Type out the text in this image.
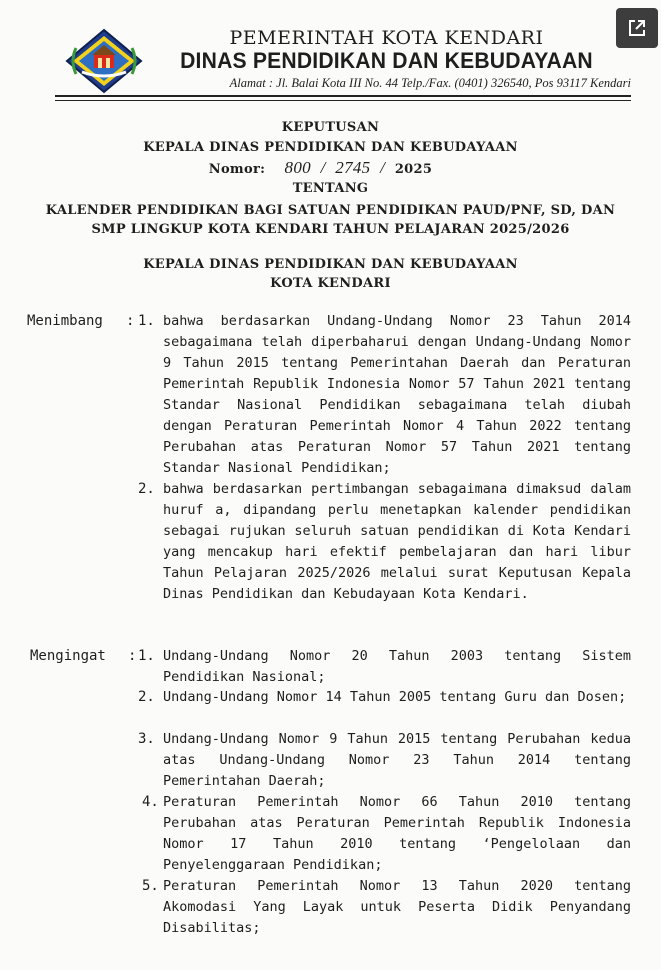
PEMERINTAH KOTA KENDARI
DINAS PENDIDIKAN DAN KEBUDAYAAN
Alamat : Jl. Balai Kota III No. 44 Telp./Fax. (0401) 326540, Pos 93117 Kendari
KEPUTUSAN
KEPALA DINAS PENDIDIKAN DAN KEBUDAYAAN
Nomor: 800 / 2745 / 2025
TENTANG
KALENDER PENDIDIKAN BAGI SATUAN PENDIDIKAN PAUD/PNF, SD, DAN
SMP LINGKUP KOTA KENDARI TAHUN PELAJARAN 2025/2026
KEPALA DINAS PENDIDIKAN DAN KEBUDAYAAN
KOTA KENDARI
Menimbang : 1. bahwa berdasarkan Undang-Undang Nomor 23 Tahun 2014 sebagaimana telah diperbaharui dengan Undang-Undang Nomor 9 Tahun 2015 tentang Pemerintahan Daerah dan Peraturan Pemerintah Republik Indonesia Nomor 57 Tahun 2021 tentang Standar Nasional Pendidikan sebagaimana telah diubah dengan Peraturan Pemerintah Nomor 4 Tahun 2022 tentang Perubahan atas Peraturan Nomor 57 Tahun 2021 tentang Standar Nasional Pendidikan;
2. bahwa berdasarkan pertimbangan sebagaimana dimaksud dalam huruf a, dipandang perlu menetapkan kalender pendidikan sebagai rujukan seluruh satuan pendidikan di Kota Kendari yang mencakup hari efektif pembelajaran dan hari libur Tahun Pelajaran 2025/2026 melalui surat Keputusan Kepala Dinas Pendidikan dan Kebudayaan Kota Kendari.
Mengingat : 1. Undang-Undang Nomor 20 Tahun 2003 tentang Sistem Pendidikan Nasional;
2. Undang-Undang Nomor 14 Tahun 2005 tentang Guru dan Dosen;
3. Undang-Undang Nomor 9 Tahun 2015 tentang Perubahan kedua atas Undang-Undang Nomor 23 Tahun 2014 tentang Pemerintahan Daerah;
4. Peraturan Pemerintah Nomor 66 Tahun 2010 tentang Perubahan atas Peraturan Pemerintah Republik Indonesia Nomor 17 Tahun 2010 tentang ‘Pengelolaan dan Penyelenggaraan Pendidikan;
5. Peraturan Pemerintah Nomor 13 Tahun 2020 tentang Akomodasi Yang Layak untuk Peserta Didik Penyandang Disabilitas;
